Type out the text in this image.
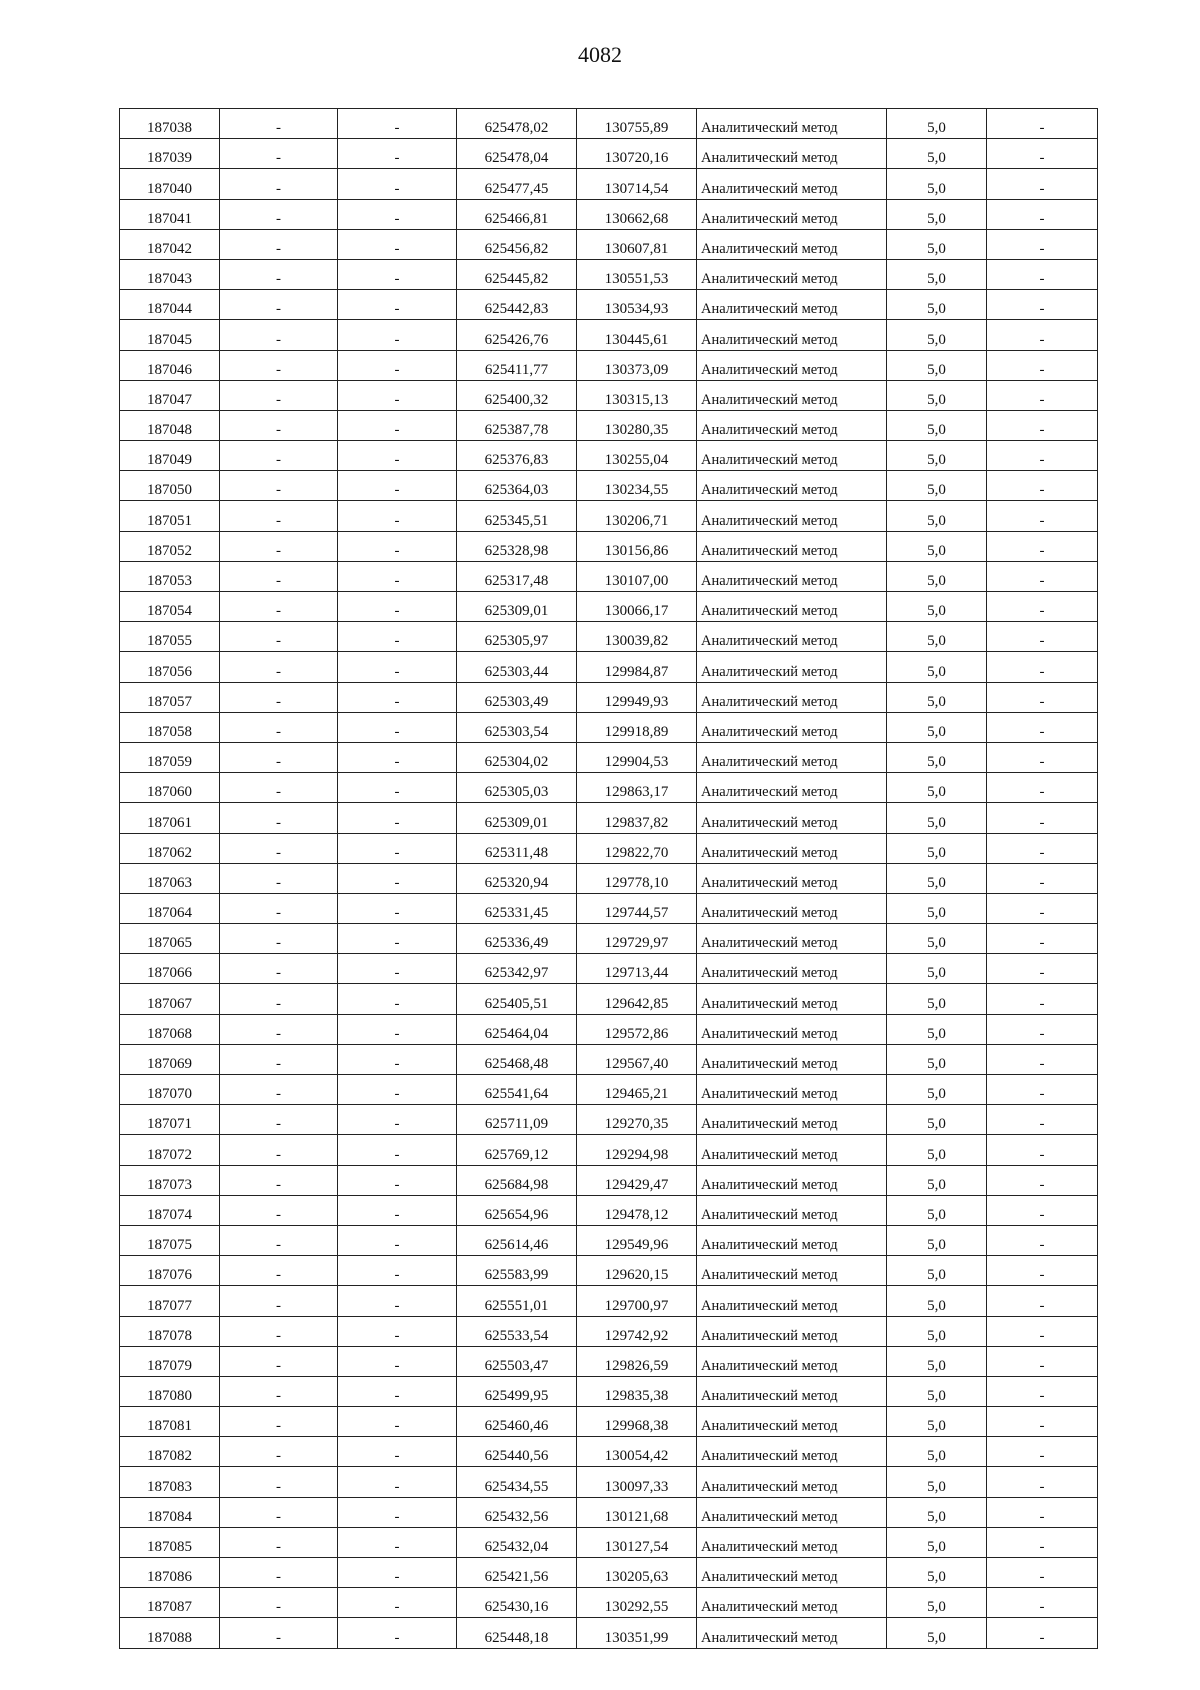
4082
187038	-	-	625478,02	130755,89	Аналитический метод	5,0	-
187039	-	-	625478,04	130720,16	Аналитический метод	5,0	-
187040	-	-	625477,45	130714,54	Аналитический метод	5,0	-
187041	-	-	625466,81	130662,68	Аналитический метод	5,0	-
187042	-	-	625456,82	130607,81	Аналитический метод	5,0	-
187043	-	-	625445,82	130551,53	Аналитический метод	5,0	-
187044	-	-	625442,83	130534,93	Аналитический метод	5,0	-
187045	-	-	625426,76	130445,61	Аналитический метод	5,0	-
187046	-	-	625411,77	130373,09	Аналитический метод	5,0	-
187047	-	-	625400,32	130315,13	Аналитический метод	5,0	-
187048	-	-	625387,78	130280,35	Аналитический метод	5,0	-
187049	-	-	625376,83	130255,04	Аналитический метод	5,0	-
187050	-	-	625364,03	130234,55	Аналитический метод	5,0	-
187051	-	-	625345,51	130206,71	Аналитический метод	5,0	-
187052	-	-	625328,98	130156,86	Аналитический метод	5,0	-
187053	-	-	625317,48	130107,00	Аналитический метод	5,0	-
187054	-	-	625309,01	130066,17	Аналитический метод	5,0	-
187055	-	-	625305,97	130039,82	Аналитический метод	5,0	-
187056	-	-	625303,44	129984,87	Аналитический метод	5,0	-
187057	-	-	625303,49	129949,93	Аналитический метод	5,0	-
187058	-	-	625303,54	129918,89	Аналитический метод	5,0	-
187059	-	-	625304,02	129904,53	Аналитический метод	5,0	-
187060	-	-	625305,03	129863,17	Аналитический метод	5,0	-
187061	-	-	625309,01	129837,82	Аналитический метод	5,0	-
187062	-	-	625311,48	129822,70	Аналитический метод	5,0	-
187063	-	-	625320,94	129778,10	Аналитический метод	5,0	-
187064	-	-	625331,45	129744,57	Аналитический метод	5,0	-
187065	-	-	625336,49	129729,97	Аналитический метод	5,0	-
187066	-	-	625342,97	129713,44	Аналитический метод	5,0	-
187067	-	-	625405,51	129642,85	Аналитический метод	5,0	-
187068	-	-	625464,04	129572,86	Аналитический метод	5,0	-
187069	-	-	625468,48	129567,40	Аналитический метод	5,0	-
187070	-	-	625541,64	129465,21	Аналитический метод	5,0	-
187071	-	-	625711,09	129270,35	Аналитический метод	5,0	-
187072	-	-	625769,12	129294,98	Аналитический метод	5,0	-
187073	-	-	625684,98	129429,47	Аналитический метод	5,0	-
187074	-	-	625654,96	129478,12	Аналитический метод	5,0	-
187075	-	-	625614,46	129549,96	Аналитический метод	5,0	-
187076	-	-	625583,99	129620,15	Аналитический метод	5,0	-
187077	-	-	625551,01	129700,97	Аналитический метод	5,0	-
187078	-	-	625533,54	129742,92	Аналитический метод	5,0	-
187079	-	-	625503,47	129826,59	Аналитический метод	5,0	-
187080	-	-	625499,95	129835,38	Аналитический метод	5,0	-
187081	-	-	625460,46	129968,38	Аналитический метод	5,0	-
187082	-	-	625440,56	130054,42	Аналитический метод	5,0	-
187083	-	-	625434,55	130097,33	Аналитический метод	5,0	-
187084	-	-	625432,56	130121,68	Аналитический метод	5,0	-
187085	-	-	625432,04	130127,54	Аналитический метод	5,0	-
187086	-	-	625421,56	130205,63	Аналитический метод	5,0	-
187087	-	-	625430,16	130292,55	Аналитический метод	5,0	-
187088	-	-	625448,18	130351,99	Аналитический метод	5,0	-
